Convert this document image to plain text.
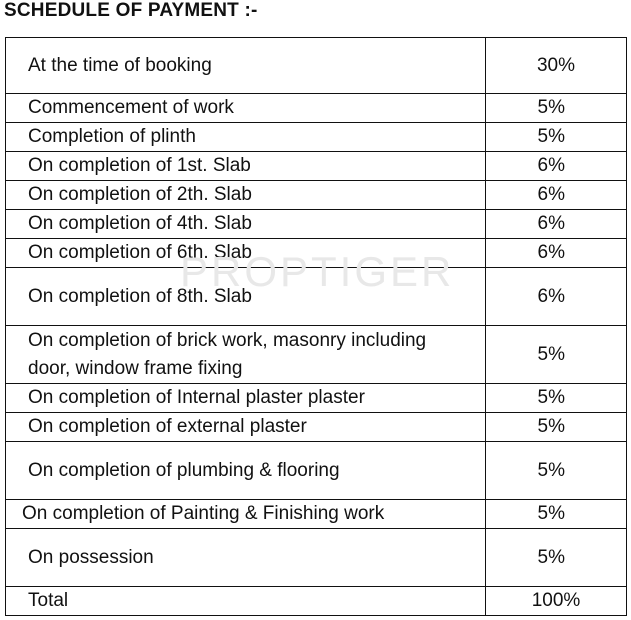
SCHEDULE OF PAYMENT :-
At the time of booking	30%
Commencement of work	5%
Completion of plinth	5%
On completion of 1st. Slab	6%
On completion of 2th. Slab	6%
On completion of 4th. Slab	6%
On completion of 6th. Slab	6%
On completion of 8th. Slab	6%
On completion of brick work, masonry including door, window frame fixing	5%
On completion of Internal plaster plaster	5%
On completion of external plaster	5%
On completion of plumbing & flooring	5%
On completion of Painting & Finishing work	5%
On possession	5%
Total	100%
PROPTIGER
